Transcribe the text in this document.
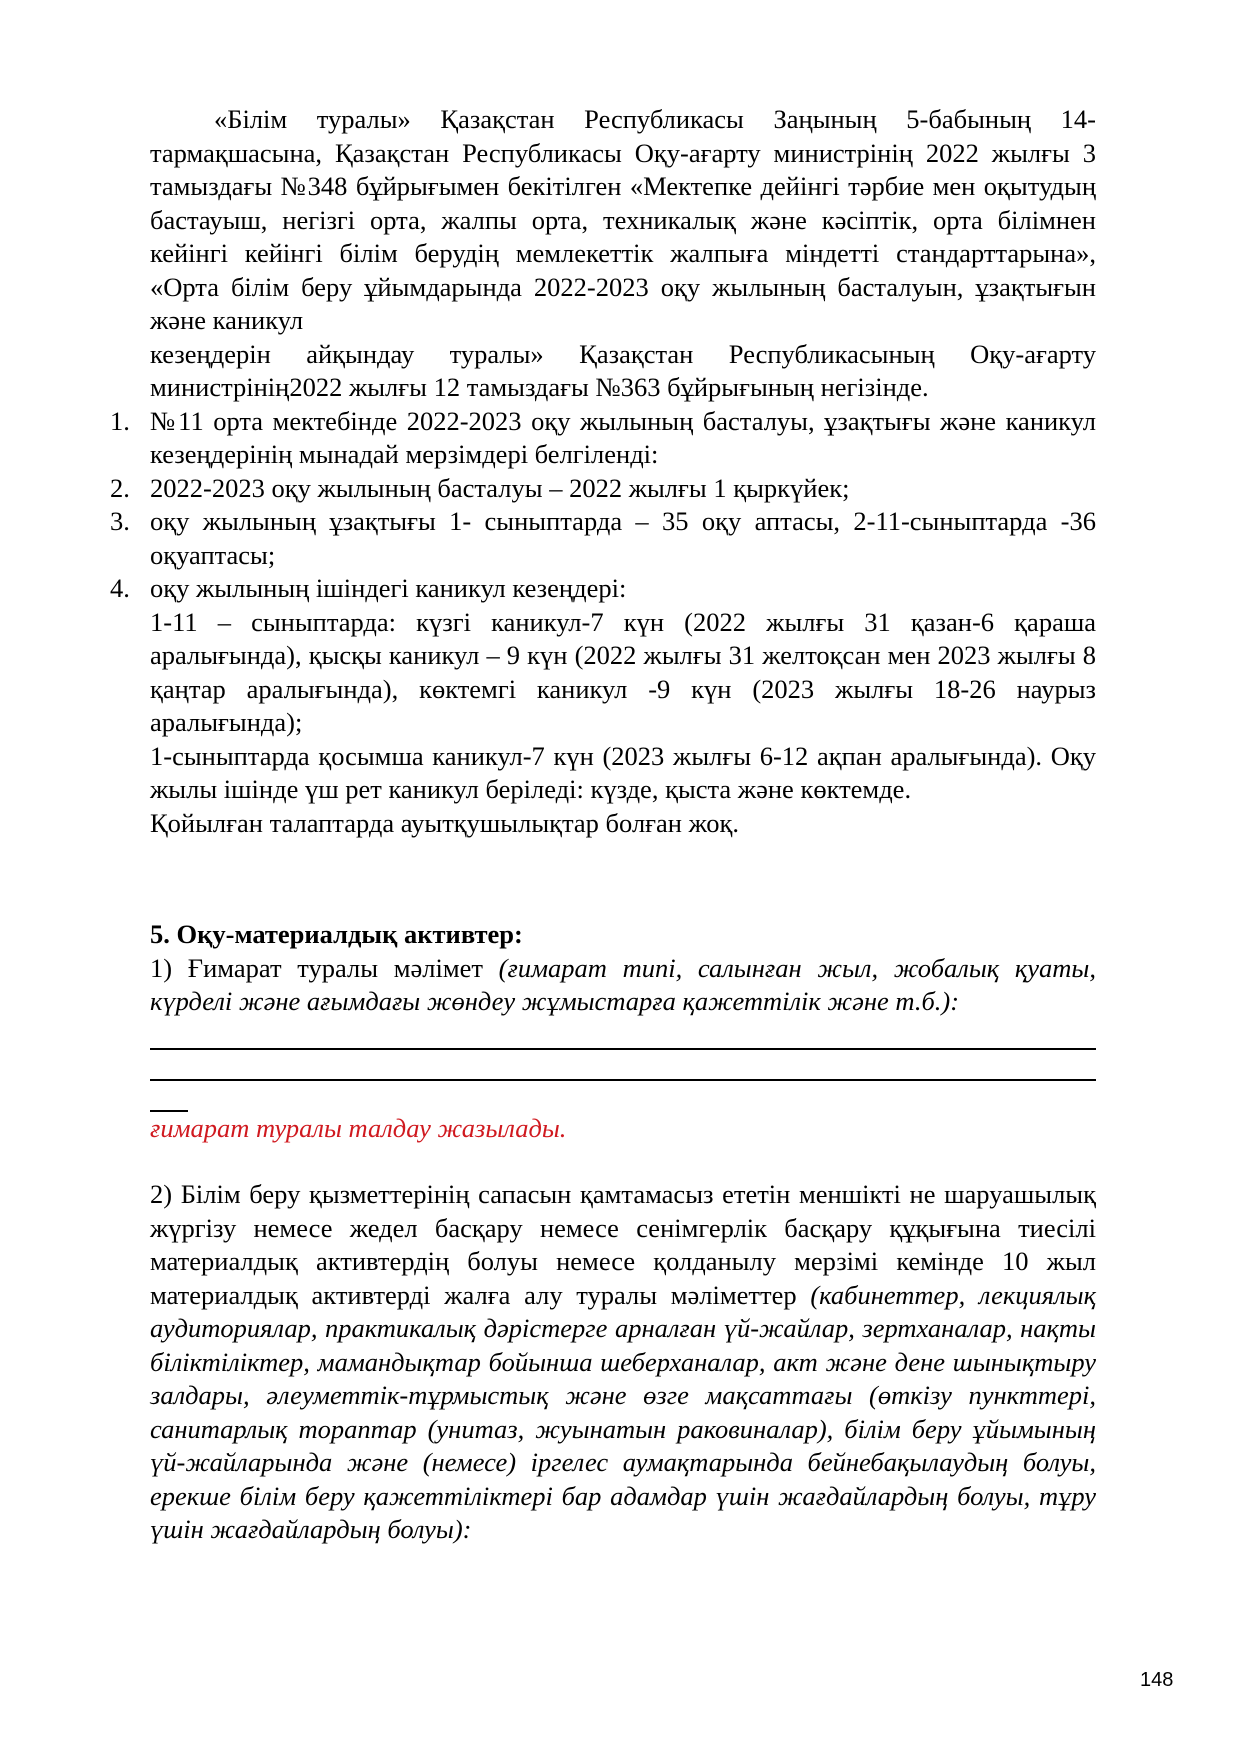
«Білім туралы» Қазақстан Республикасы Заңының 5-бабының 14-тармақшасына, Қазақстан Республикасы Оқу-ағарту министрінің 2022 жылғы 3 тамыздағы №348 бұйрығымен бекітілген «Мектепке дейінгі тәрбие мен оқытудың бастауыш, негізгі орта, жалпы орта, техникалық және кәсіптік, орта білімнен кейінгі кейінгі білім берудің мемлекеттік жалпыға міндетті стандарттарына», «Орта білім беру ұйымдарында 2022-2023 оқу жылының басталуын, ұзақтығын және каникул

кезеңдерін айқындау туралы» Қазақстан Республикасының Оқу-ағарту министрінің2022 жылғы 12 тамыздағы №363 бұйрығының негізінде.

1. №11 орта мектебінде 2022-2023 оқу жылының басталуы, ұзақтығы және каникул кезеңдерінің мынадай мерзімдері белгіленді:
2. 2022-2023 оқу жылының басталуы – 2022 жылғы 1 қыркүйек;
3. оқу жылының ұзақтығы 1- сыныптарда – 35 оқу аптасы, 2-11-сыныптарда -36 оқуаптасы;
4. оқу жылының ішіндегі каникул кезеңдері:

1-11 – сыныптарда: күзгі каникул-7 күн (2022 жылғы 31 қазан-6 қараша аралығында), қысқы каникул – 9 күн (2022 жылғы 31 желтоқсан мен 2023 жылғы 8 қаңтар аралығында), көктемгі каникул -9 күн (2023 жылғы 18-26 наурыз аралығында);

1-сыныптарда қосымша каникул-7 күн (2023 жылғы 6-12 ақпан аралығында). Оқу жылы ішінде үш рет каникул беріледі: күзде, қыста және көктемде.

Қойылған талаптарда ауытқушылықтар болған жоқ.

5. Оқу-материалдық активтер:

1) Ғимарат туралы мәлімет (ғимарат типі, салынған жыл, жобалық қуаты, күрделі және ағымдағы жөндеу жұмыстарға қажеттілік және т.б.):

ғимарат туралы талдау жазылады.

2) Білім беру қызметтерінің сапасын қамтамасыз ететін меншікті не шаруашылық жүргізу немесе жедел басқару немесе сенімгерлік басқару құқығына тиесілі материалдық активтердің болуы немесе қолданылу мерзімі кемінде 10 жыл материалдық активтерді жалға алу туралы мәліметтер (кабинеттер, лекциялық аудиториялар, практикалық дәрістерге арналған үй-жайлар, зертханалар, нақты біліктіліктер, мамандықтар бойынша шеберханалар, акт және дене шынықтыру залдары, әлеуметтік-тұрмыстық және өзге мақсаттағы (өткізу пункттері, санитарлық тораптар (унитаз, жуынатын раковиналар), білім беру ұйымының үй-жайларында және (немесе) іргелес аумақтарында бейнебақылаудың болуы, ерекше білім беру қажеттіліктері бар адамдар үшін жағдайлардың болуы, тұру үшін жағдайлардың болуы):

148
